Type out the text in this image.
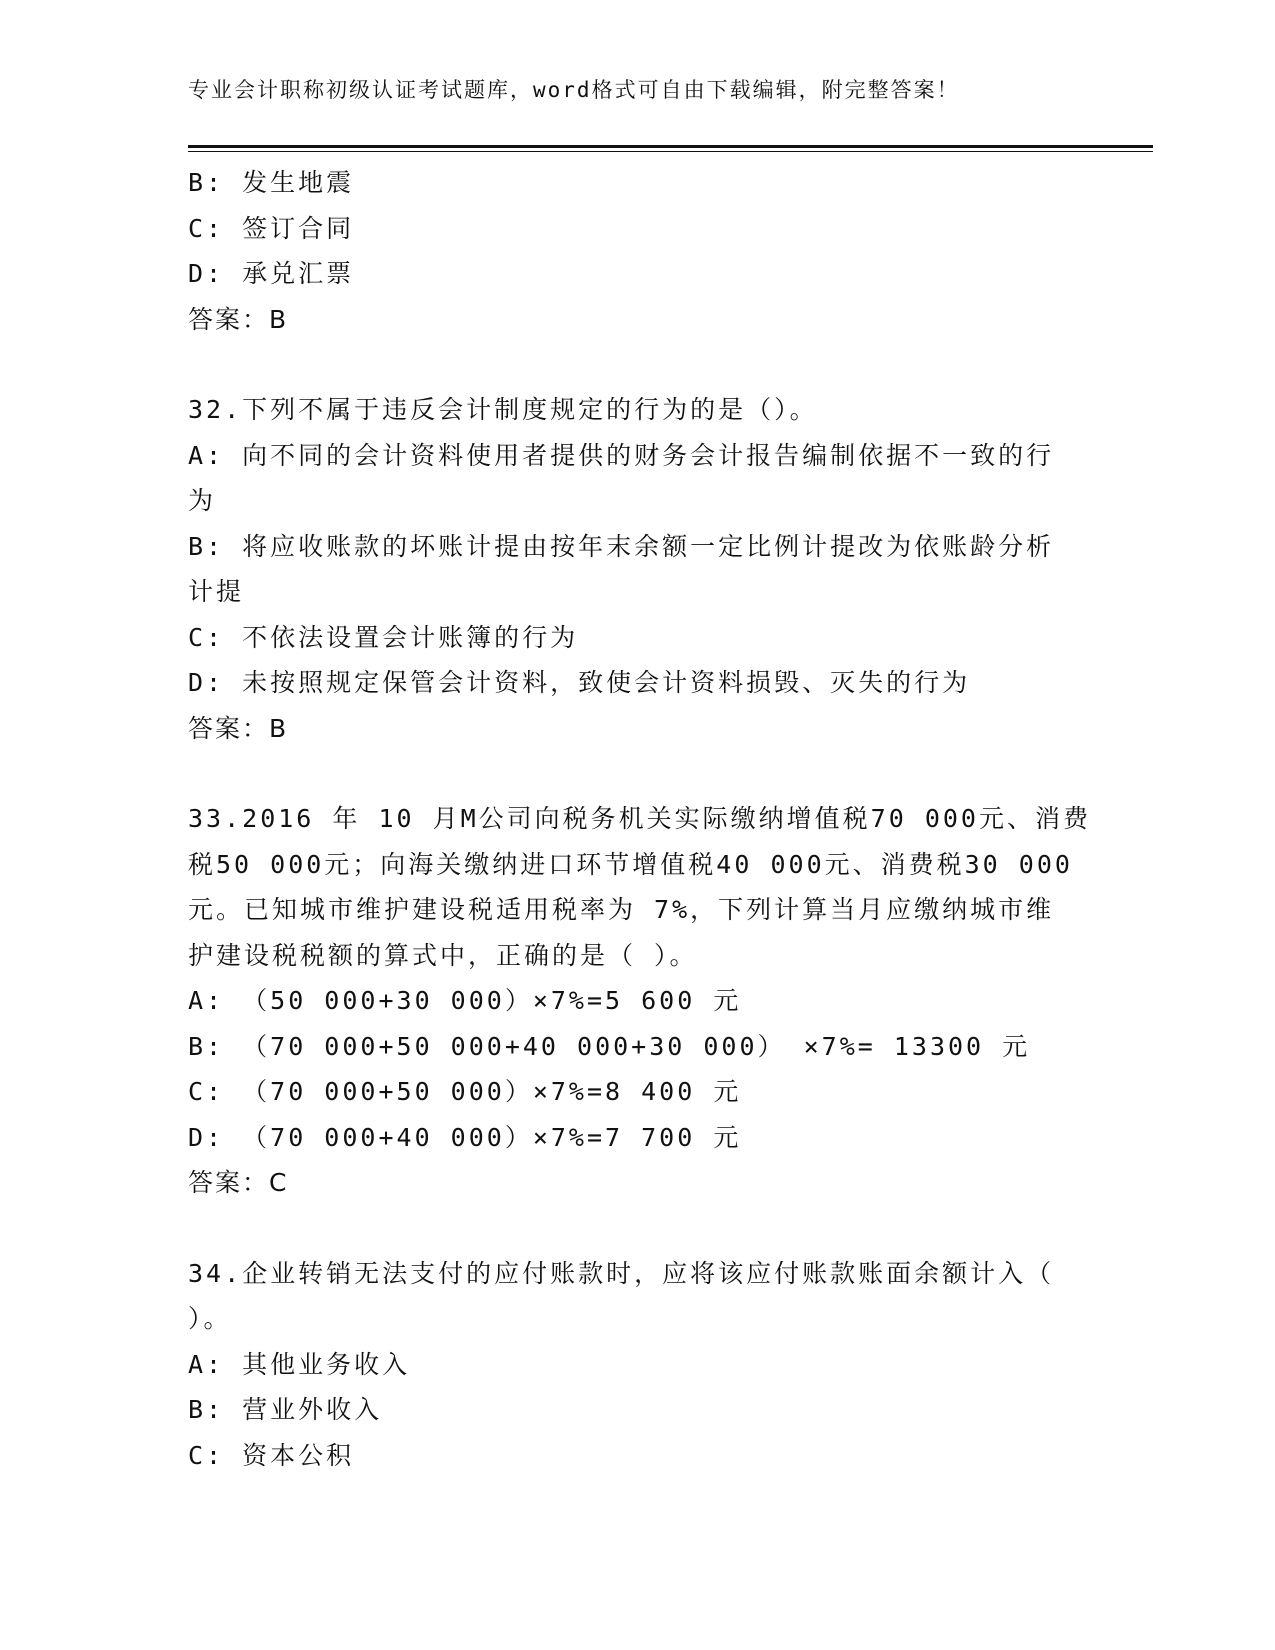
专业会计职称初级认证考试题库，word格式可自由下载编辑，附完整答案！
B: 发生地震
C: 签订合同
D: 承兑汇票
答案：B
32.下列不属于违反会计制度规定的行为的是（）。
A: 向不同的会计资料使用者提供的财务会计报告编制依据不一致的行
为
B: 将应收账款的坏账计提由按年末余额一定比例计提改为依账龄分析
计提
C: 不依法设置会计账簿的行为
D: 未按照规定保管会计资料，致使会计资料损毁、灭失的行为
答案：B
33.2016 年 10 月M公司向税务机关实际缴纳增值税70 000元、消费
税50 000元；向海关缴纳进口环节增值税40 000元、消费税30 000
元。已知城市维护建设税适用税率为 7%，下列计算当月应缴纳城市维
护建设税税额的算式中，正确的是（ ）。
A: （50 000+30 000）×7%=5 600 元
B: （70 000+50 000+40 000+30 000） ×7%= 13300 元
C: （70 000+50 000）×7%=8 400 元
D: （70 000+40 000）×7%=7 700 元
答案：C
34.企业转销无法支付的应付账款时，应将该应付账款账面余额计入（
）。
A: 其他业务收入
B: 营业外收入
C: 资本公积
